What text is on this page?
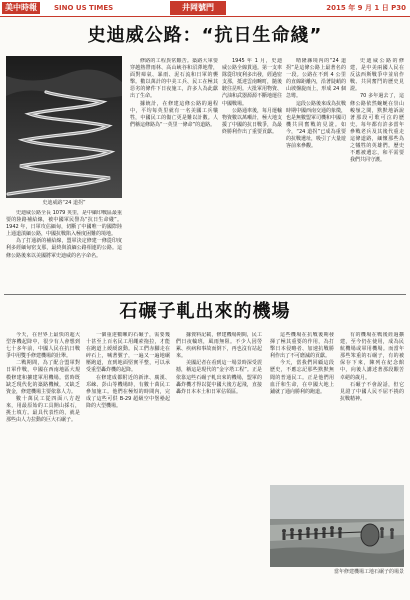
美中時報	SINO US TIMES	井岡號門	2015 年 9 月 1 日 P30
史迪威公路：“抗日生命綫”
史迪威路“24 道拐”

史迪威公路全長 1079 英里，是中緬印戰區最重要的陸路補給線，被中國軍民譽為“抗日生命綫”。1942 年，日軍攻佔緬甸，切斷了中國唯一的國際陸上通道滇緬公路，中國抗戰陷入極度困難的境地。

為了打通新的補給線，盟軍決定修建一條從印度利多經緬甸密支那，最終與滇緬公路相連的公路。這條公路後來以美國將軍史迪威的名字命名。

修路的工程異常艱苦。築路大軍要穿越熱帶雨林、高山峽谷和沼澤地帶，面對瘴氣、暴雨、泥石流和日軍的襲擊。數以萬計的中美工兵、民工在極其惡劣的條件下日夜施工，許多人為此獻出了生命。

據統計，在修建這條公路的過程中，平均每英里就有一名美國工兵犧牲，中國民工的傷亡更是難以計數。人們稱這條路為“一英里一條命”的道路。

1945 年 1 月，史迪威公路全線貫通。第一支車隊從印度利多出發，經過密支那，抵達雲南畹町，隨後駛往昆明。大批軍用物資、汽油和武器源源不斷地運往中國戰場。

公路通車後，每月運輸物資數以萬噸計，極大地支援了中國的抗日戰爭，為最終勝利作出了重要貢獻。

晴隆縣境內的“24 道拐”是這條公路上最著名的一段。公路在不到 4 公里的直線距離內，沿著陡峭的山坡盤旋而上，形成 24 個急彎。

這段公路後來成為抗戰時期中國西南交通的象徵，也是無數盟軍司機和中國司機共同奮戰的見證。如今，“24 道拐”已成為重要的抗戰遺址，吸引了大量遊客前來參觀。

史迪威公路的修建，是中美兩國人民在反法西斯戰爭中並肩作戰、共同奮鬥的歷史見證。

70 多年過去了，這條公路依然蜿蜒在崇山峻嶺之間，默默地訴說著那段可歌可泣的歷史。每年都有許多當年參戰老兵及其後代重走這條道路，緬懷那些為之犧牲的英雄們。歷史不應被遺忘，和平需要我們共同守護。

石碾子軋出來的機場

今天，在世界上最快的超大型客機起降中，很少有人會想到七十多年前，中國人民在抗日戰爭中用雙手修建機場的壯舉。

二戰期間，為了配合盟軍對日軍作戰，中國在西南地區大規模修建和擴建軍用機場。當時既缺乏現代化的築路機械，又缺乏資金，修建機場主要依靠人力。

數十萬民工從四面八方趕來，用最原始的工具開山採石，挑土填方。最具代表性的，就是那些由人力拉動的巨大石碾子。

一個重達數噸的石碾子，需要幾十甚至上百名民工用繩索拖拉，才能在跑道上緩緩滾動。民工們赤腳走在碎石上，喊著號子，一遍又一遍地碾壓跑道，直到地面堅實平整，可以承受重型轟炸機的起降。

在修建成都附近的新津、廣漢、邛崍、彭山等機場時，有數十萬民工參加施工。他們在極短的時間內，完成了這些可供 B-29 超級空中堡壘起降的大型機場。

據資料記載，修建機場期間，民工們日夜輪班，風雨無阻。不少人因勞累、疾病和事故而倒下，再也沒有站起來。

美國記者在看到這一場景時深受震撼，稱這是現代的“金字塔工程”。正是依靠這些石碾子軋出來的機場，盟軍的轟炸機才得以從中國大後方起飛，直接轟炸日本本土和日軍佔領區。

這些機場在抗戰後期發揮了極其重要的作用，為打擊日本侵略者、加速抗戰勝利作出了不可磨滅的貢獻。

今天，當我們回顧這段歷史，不應忘記那些默默無聞的普通民工。正是他們用血汗和生命，在中國大地上鋪就了通向勝利的跑道。

有的機場在戰後經過擴建，至今仍在使用，成為民航機場或軍用機場。而當年那些笨重的石碾子，有的被保存下來，陳列在紀念館中，向後人講述著那段艱苦卓絕的歲月。

石碾子不會說話，但它見證了中國人民不屈不撓的抗戰精神。

當年修建機場工地石碾子的場景
